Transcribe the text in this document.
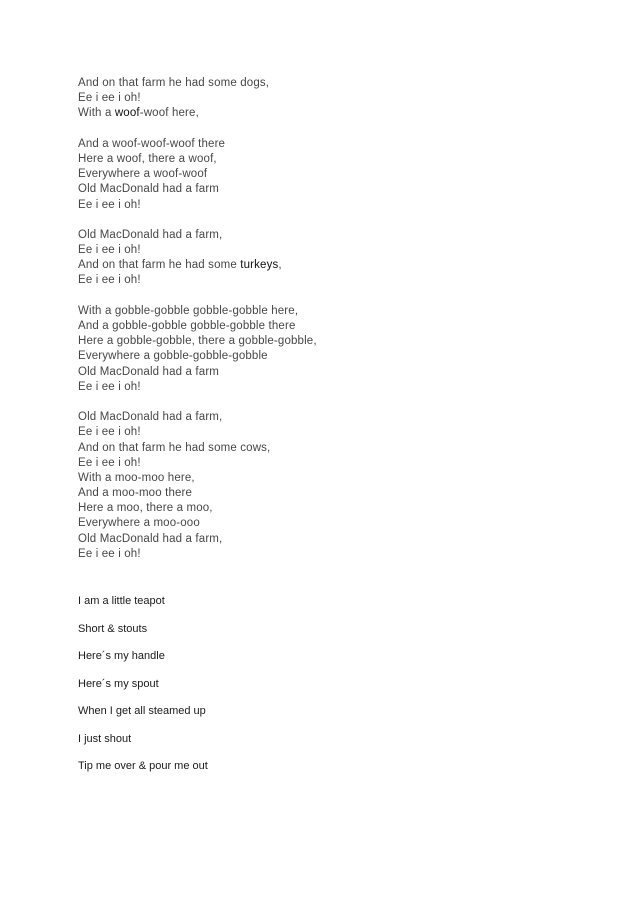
And on that farm he had some dogs,
Ee i ee i oh!
With a woof-woof here,
And a woof-woof-woof there
Here a woof, there a woof,
Everywhere a woof-woof
Old MacDonald had a farm
Ee i ee i oh!
Old MacDonald had a farm,
Ee i ee i oh!
And on that farm he had some turkeys,
Ee i ee i oh!
With a gobble-gobble gobble-gobble here,
And a gobble-gobble gobble-gobble there
Here a gobble-gobble, there a gobble-gobble,
Everywhere a gobble-gobble-gobble
Old MacDonald had a farm
Ee i ee i oh!
Old MacDonald had a farm,
Ee i ee i oh!
And on that farm he had some cows,
Ee i ee i oh!
With a moo-moo here,
And a moo-moo there
Here a moo, there a moo,
Everywhere a moo-ooo
Old MacDonald had a farm,
Ee i ee i oh!
I am a little teapot
Short & stouts
Here´s my handle
Here´s my spout
When I get all steamed up
I just shout
Tip me over & pour me out
